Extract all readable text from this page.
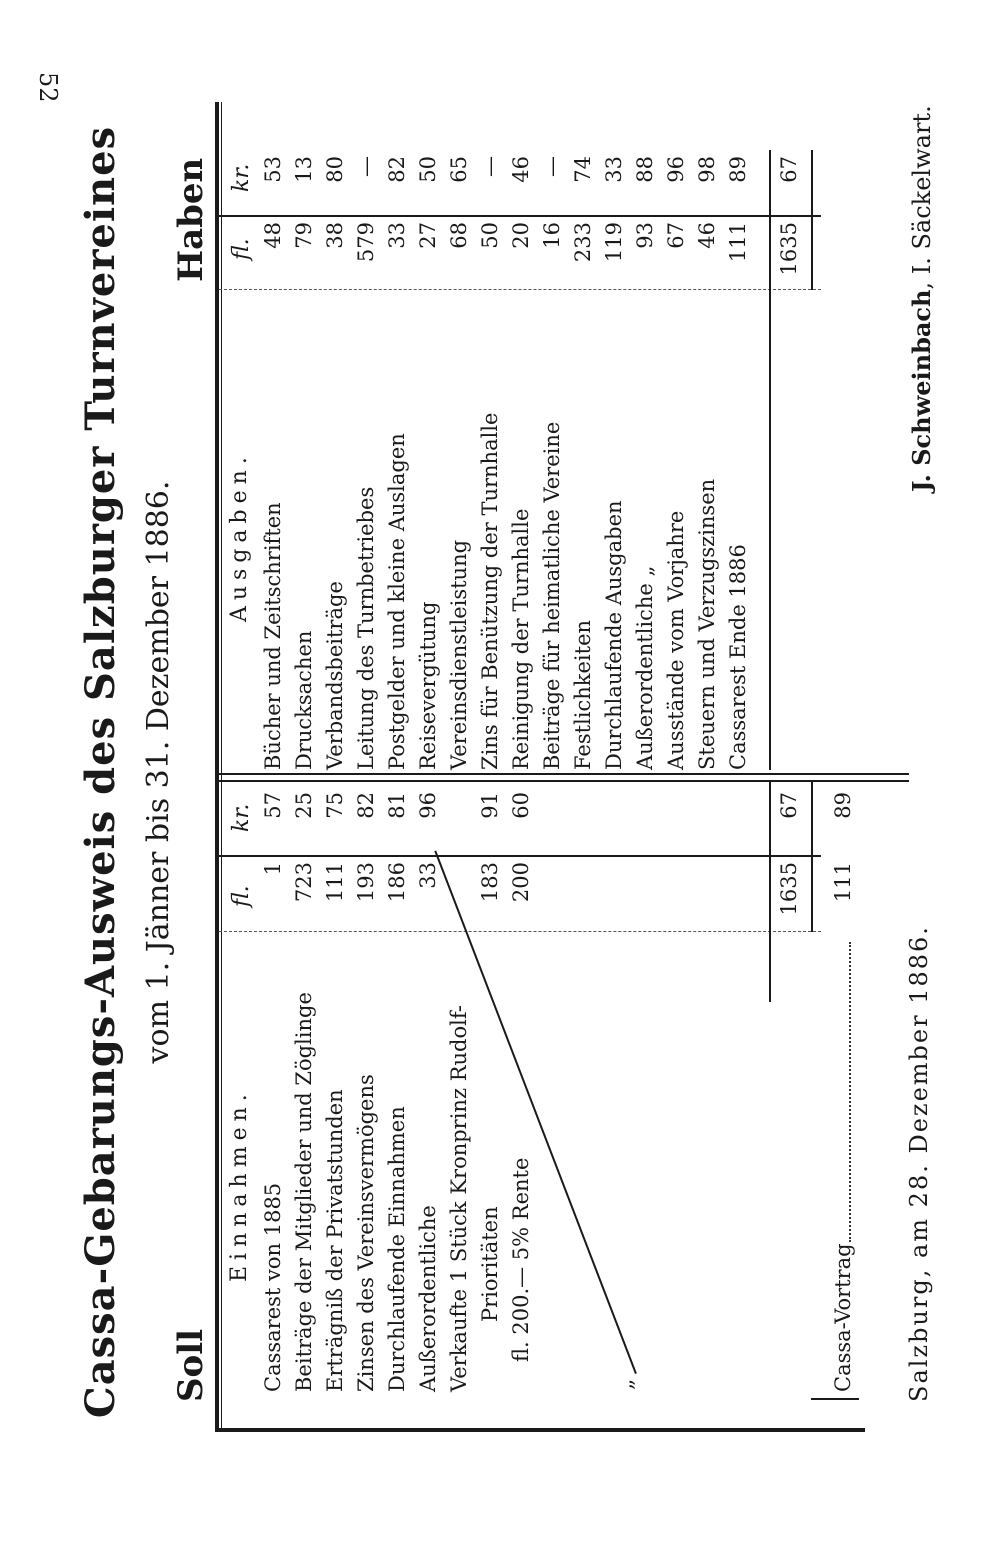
52
Cassa-Gebarungs-Ausweis des Salzburger Turnvereines vom 1. Jänner bis 31. Dezember 1886.
Soll
Haben
Einnahmen.
fl.
kr.
Cassarest von 1885
1
57
Beiträge der Mitglieder und Zöglinge
723
25
Erträgniß der Privatstunden
111
75
Zinsen des Vereinsvermögens
193
82
Durchlaufende Einnahmen
186
81
Außerordentliche
33
96
Verkaufte 1 Stück Kronprinz Rudolf- Prioritäten
183
91
fl. 200.— 5% Rente
200
60
„
1635
67
Cassa-Vortrag
111
89
Ausgaben.
fl.
kr.
Bücher und Zeitschriften
48
53
Drucksachen
79
13
Verbandsbeiträge
38
80
Leitung des Turnbetriebes
579
—
Postgelder und kleine Auslagen
33
82
Reisevergütung
27
50
Vereinsdienstleistung
68
65
Zins für Benützung der Turnhalle
50
—
Reinigung der Turnhalle
20
46
Beiträge für heimatliche Vereine
16
—
Festlichkeiten
233
74
Durchlaufende Ausgaben
119
33
Außerordentliche „
93
88
Ausstände vom Vorjahre
67
96
Steuern und Verzugszinsen
46
98
Cassarest Ende 1886
111
89
1635
67
Salzburg, am 28. Dezember 1886.
J. Schweinbach, I. Säckelwart.
